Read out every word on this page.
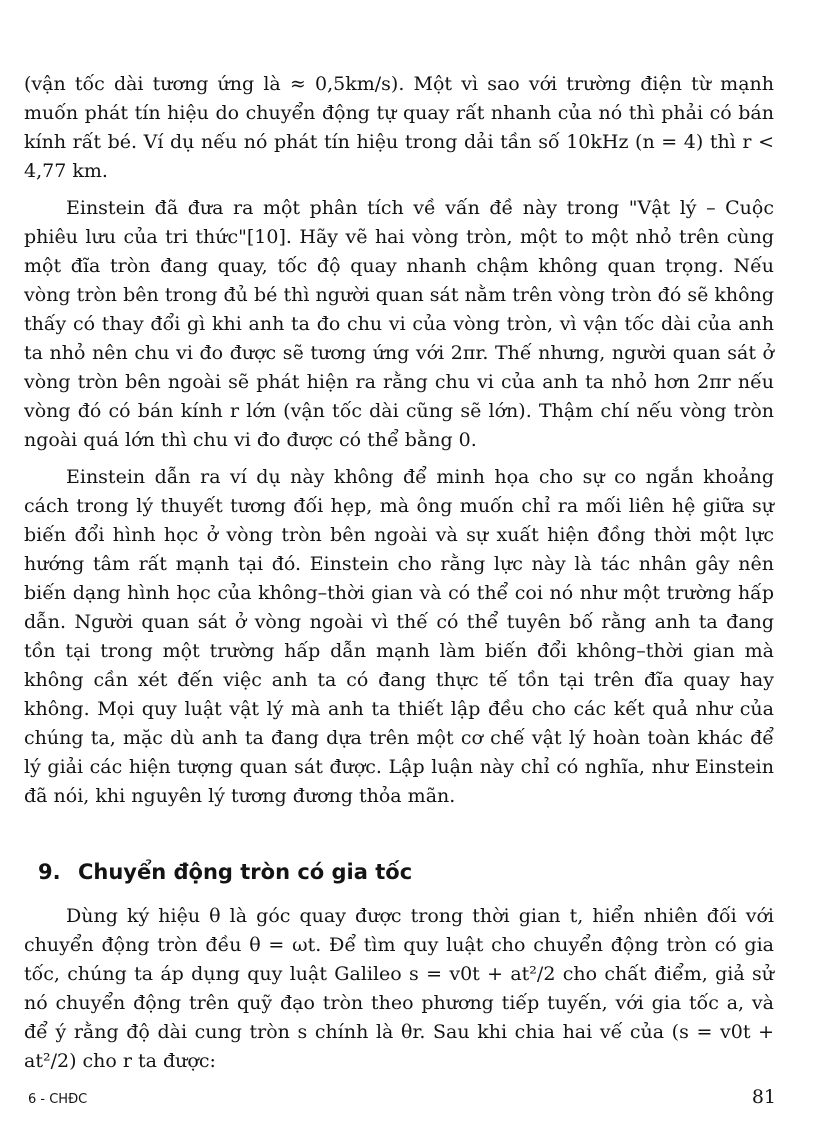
(vận tốc dài tương ứng là ≈ 0,5km/s). Một vì sao với trường điện từ mạnh muốn phát tín hiệu do chuyển động tự quay rất nhanh của nó thì phải có bán kính rất bé. Ví dụ nếu nó phát tín hiệu trong dải tần số 10kHz (n = 4) thì r < 4,77 km.

Einstein đã đưa ra một phân tích về vấn đề này trong "Vật lý – Cuộc phiêu lưu của tri thức"[10]. Hãy vẽ hai vòng tròn, một to một nhỏ trên cùng một đĩa tròn đang quay, tốc độ quay nhanh chậm không quan trọng. Nếu vòng tròn bên trong đủ bé thì người quan sát nằm trên vòng tròn đó sẽ không thấy có thay đổi gì khi anh ta đo chu vi của vòng tròn, vì vận tốc dài của anh ta nhỏ nên chu vi đo được sẽ tương ứng với 2πr. Thế nhưng, người quan sát ở vòng tròn bên ngoài sẽ phát hiện ra rằng chu vi của anh ta nhỏ hơn 2πr nếu vòng đó có bán kính r lớn (vận tốc dài cũng sẽ lớn). Thậm chí nếu vòng tròn ngoài quá lớn thì chu vi đo được có thể bằng 0.

Einstein dẫn ra ví dụ này không để minh họa cho sự co ngắn khoảng cách trong lý thuyết tương đối hẹp, mà ông muốn chỉ ra mối liên hệ giữa sự biến đổi hình học ở vòng tròn bên ngoài và sự xuất hiện đồng thời một lực hướng tâm rất mạnh tại đó. Einstein cho rằng lực này là tác nhân gây nên biến dạng hình học của không–thời gian và có thể coi nó như một trường hấp dẫn. Người quan sát ở vòng ngoài vì thế có thể tuyên bố rằng anh ta đang tồn tại trong một trường hấp dẫn mạnh làm biến đổi không–thời gian mà không cần xét đến việc anh ta có đang thực tế tồn tại trên đĩa quay hay không. Mọi quy luật vật lý mà anh ta thiết lập đều cho các kết quả như của chúng ta, mặc dù anh ta đang dựa trên một cơ chế vật lý hoàn toàn khác để lý giải các hiện tượng quan sát được. Lập luận này chỉ có nghĩa, như Einstein đã nói, khi nguyên lý tương đương thỏa mãn.

9. Chuyển động tròn có gia tốc

Dùng ký hiệu θ là góc quay được trong thời gian t, hiển nhiên đối với chuyển động tròn đều θ = ωt. Để tìm quy luật cho chuyển động tròn có gia tốc, chúng ta áp dụng quy luật Galileo s = v0t + at²/2 cho chất điểm, giả sử nó chuyển động trên quỹ đạo tròn theo phương tiếp tuyến, với gia tốc a, và để ý rằng độ dài cung tròn s chính là θr. Sau khi chia hai vế của (s = v0t + at²/2) cho r ta được:

6 - CHĐC	81
